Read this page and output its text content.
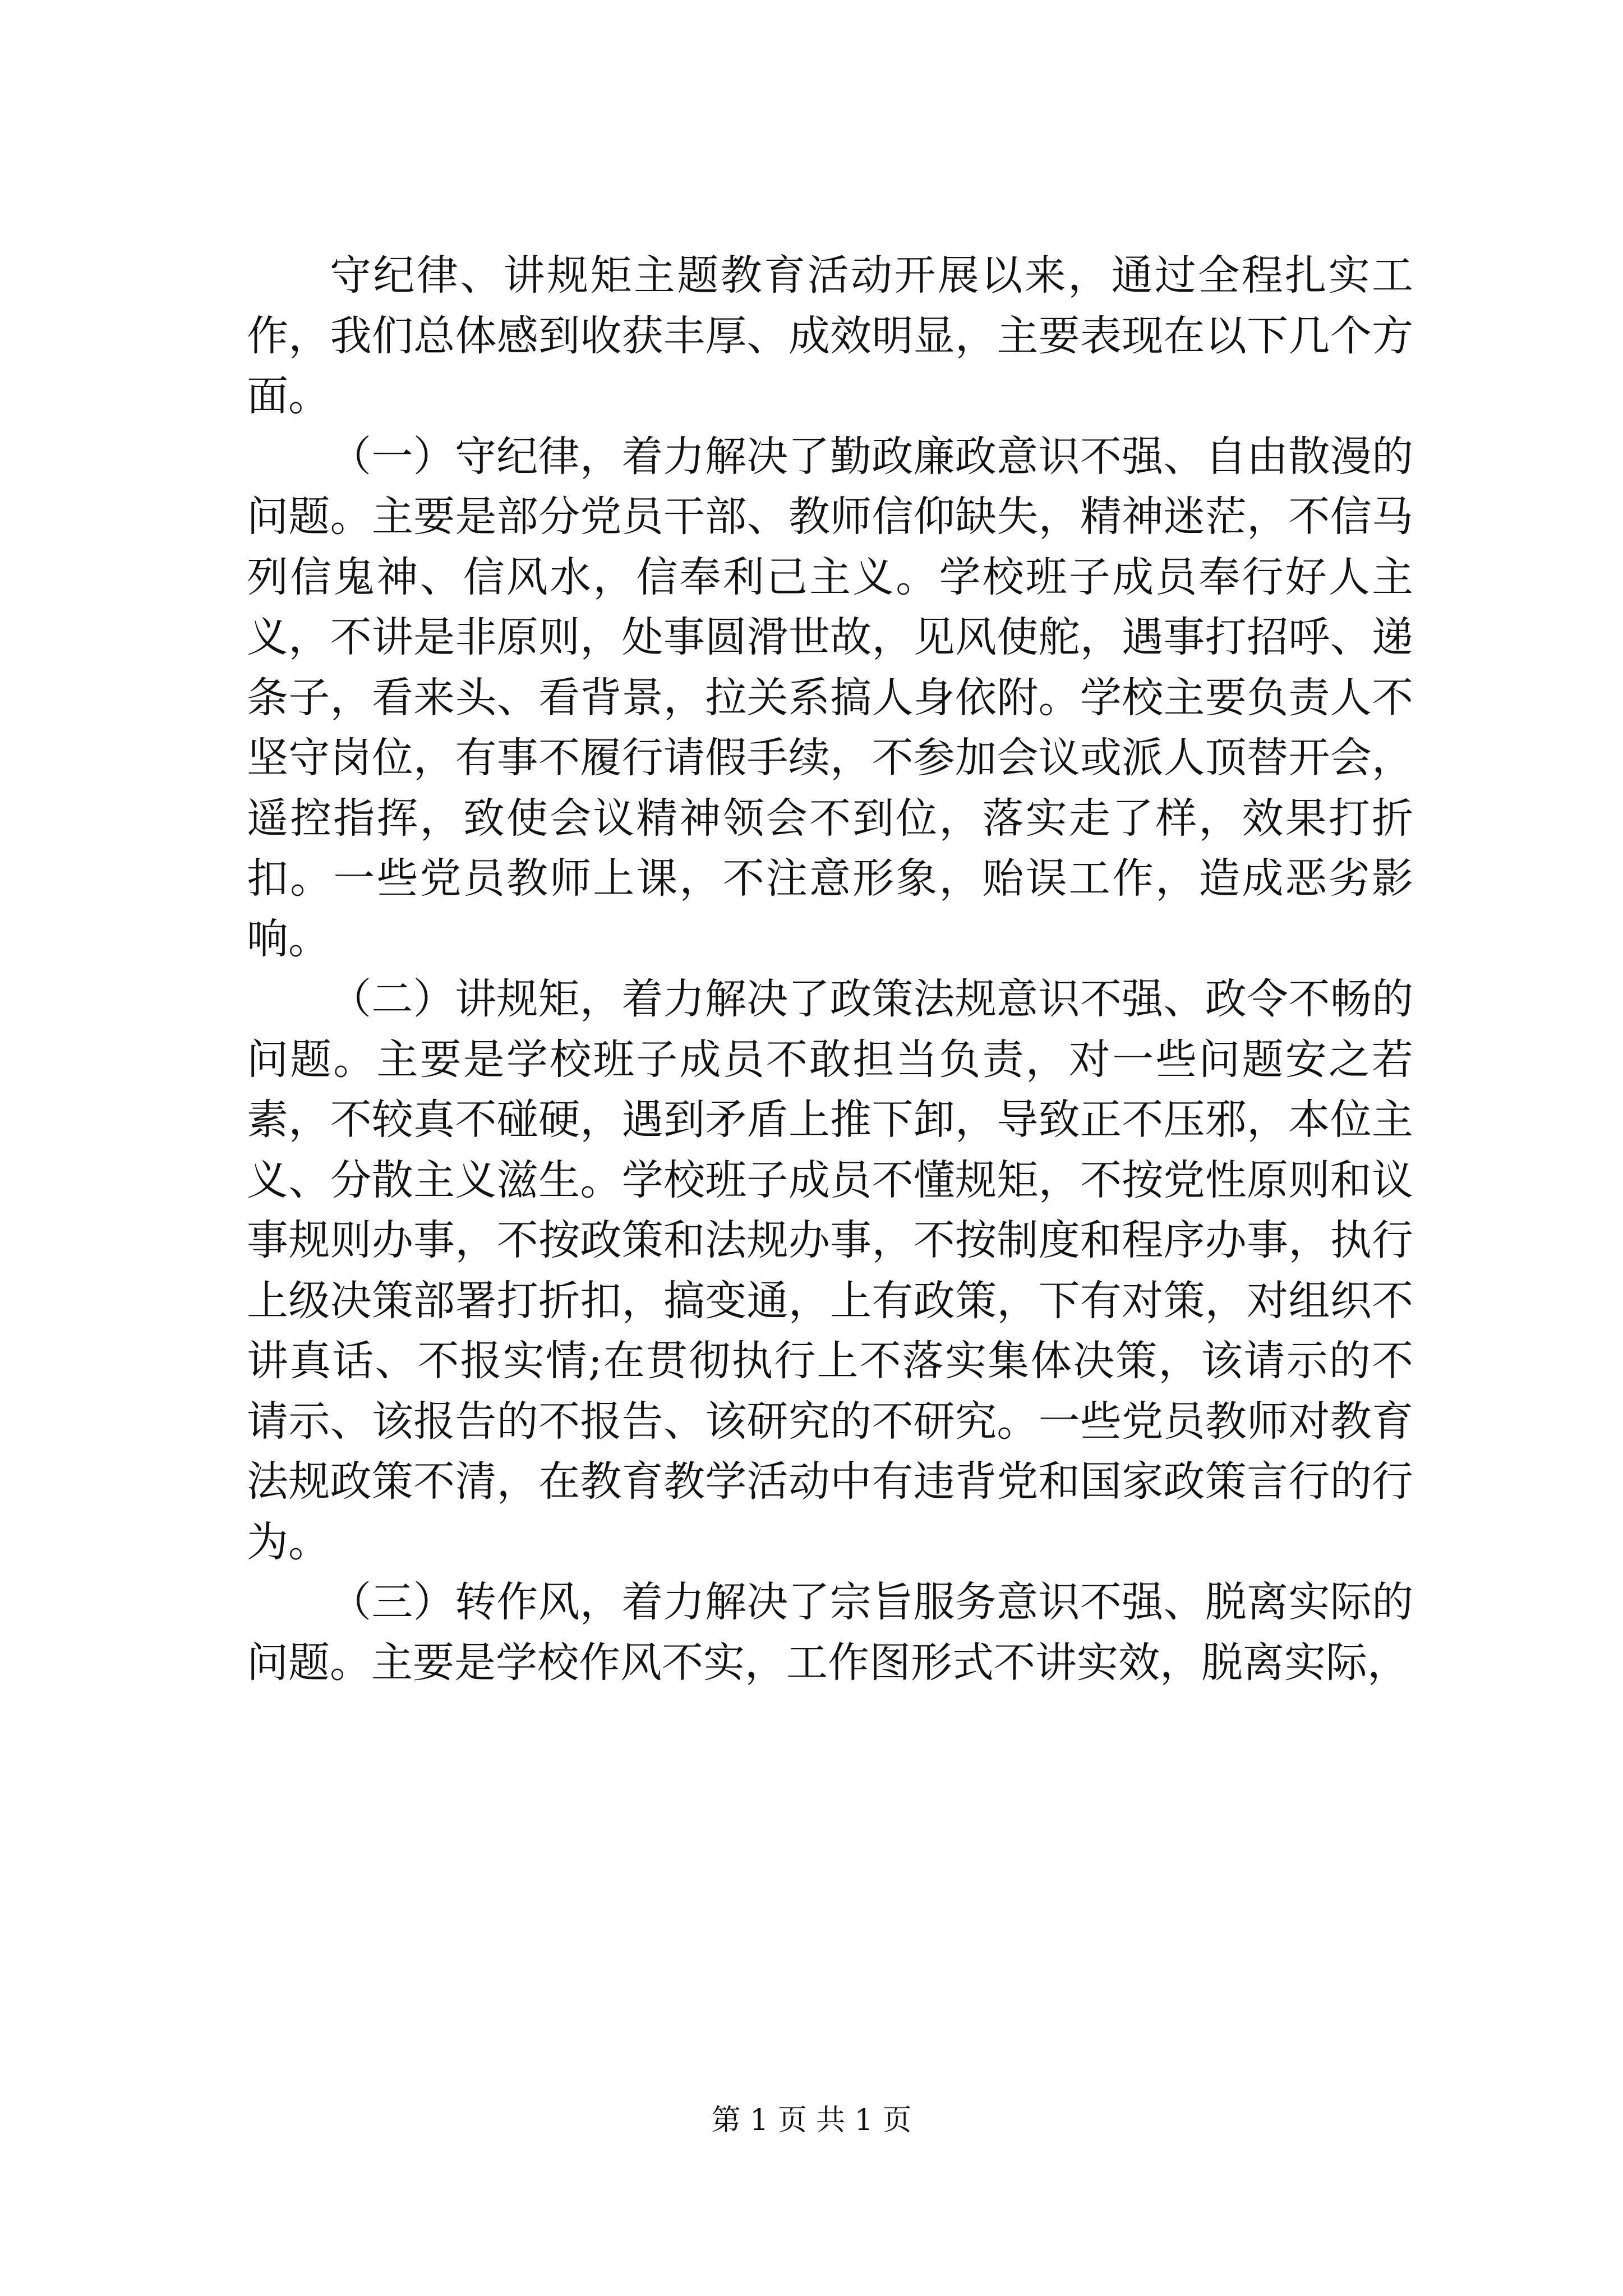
守纪律、讲规矩主题教育活动开展以来，通过全程扎实工作，我们总体感到收获丰厚、成效明显，主要表现在以下几个方面。

（一）守纪律，着力解决了勤政廉政意识不强、自由散漫的问题。主要是部分党员干部、教师信仰缺失，精神迷茫，不信马列信鬼神、信风水，信奉利己主义。学校班子成员奉行好人主义，不讲是非原则，处事圆滑世故，见风使舵，遇事打招呼、递条子，看来头、看背景，拉关系搞人身依附。学校主要负责人不坚守岗位，有事不履行请假手续，不参加会议或派人顶替开会，遥控指挥，致使会议精神领会不到位，落实走了样，效果打折扣。一些党员教师上课，不注意形象，贻误工作，造成恶劣影响。

（二）讲规矩，着力解决了政策法规意识不强、政令不畅的问题。主要是学校班子成员不敢担当负责，对一些问题安之若素，不较真不碰硬，遇到矛盾上推下卸，导致正不压邪，本位主义、分散主义滋生。学校班子成员不懂规矩，不按党性原则和议事规则办事，不按政策和法规办事，不按制度和程序办事，执行上级决策部署打折扣，搞变通，上有政策，下有对策，对组织不讲真话、不报实情;在贯彻执行上不落实集体决策，该请示的不请示、该报告的不报告、该研究的不研究。一些党员教师对教育法规政策不清，在教育教学活动中有违背党和国家政策言行的行为。

（三）转作风，着力解决了宗旨服务意识不强、脱离实际的问题。主要是学校作风不实，工作图形式不讲实效，脱离实际，

第 1 页 共 1 页
